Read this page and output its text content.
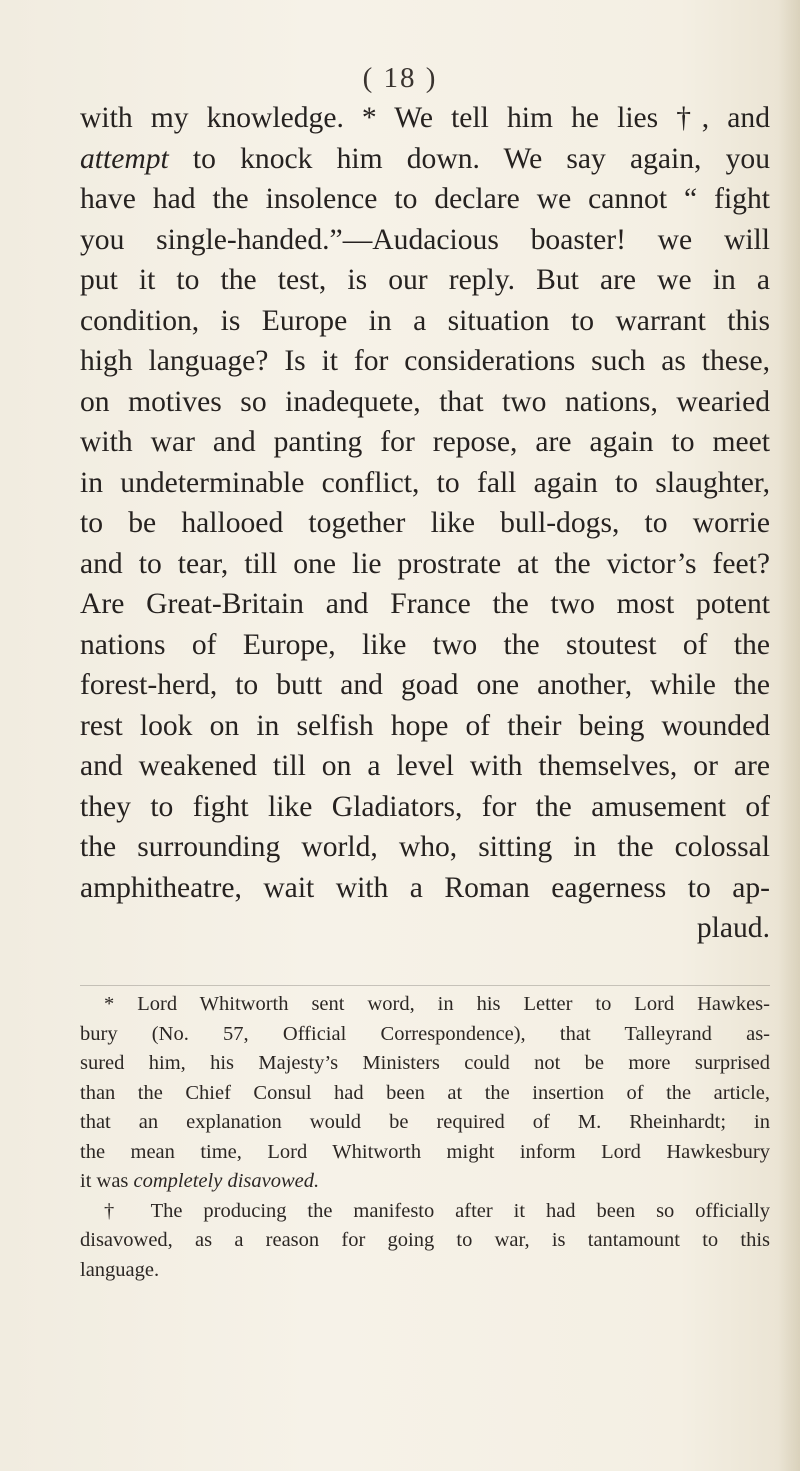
( 18 )
with my knowledge. * We tell him he lies †, and
attempt to knock him down. We say again, you
have had the insolence to declare we cannot “ fight
you single-handed.”—Audacious boaster! we will
put it to the test, is our reply. But are we in a
condition, is Europe in a situation to warrant this
high language? Is it for considerations such as these,
on motives so inadequete, that two nations, wearied
with war and panting for repose, are again to meet
in undeterminable conflict, to fall again to slaughter,
to be hallooed together like bull-dogs, to worrie
and to tear, till one lie prostrate at the victor’s feet?
Are Great-Britain and France the two most potent
nations of Europe, like two the stoutest of the
forest-herd, to butt and goad one another, while the
rest look on in selfish hope of their being wounded
and weakened till on a level with themselves, or are
they to fight like Gladiators, for the amusement of
the surrounding world, who, sitting in the colossal
amphitheatre, wait with a Roman eagerness to ap-
plaud.
* Lord Whitworth sent word, in his Letter to Lord Hawkes-
bury (No. 57, Official Correspondence), that Talleyrand as-
sured him, his Majesty’s Ministers could not be more surprised
than the Chief Consul had been at the insertion of the article,
that an explanation would be required of M. Rheinhardt; in
the mean time, Lord Whitworth might inform Lord Hawkesbury
it was completely disavowed.
† The producing the manifesto after it had been so officially
disavowed, as a reason for going to war, is tantamount to this
language.
